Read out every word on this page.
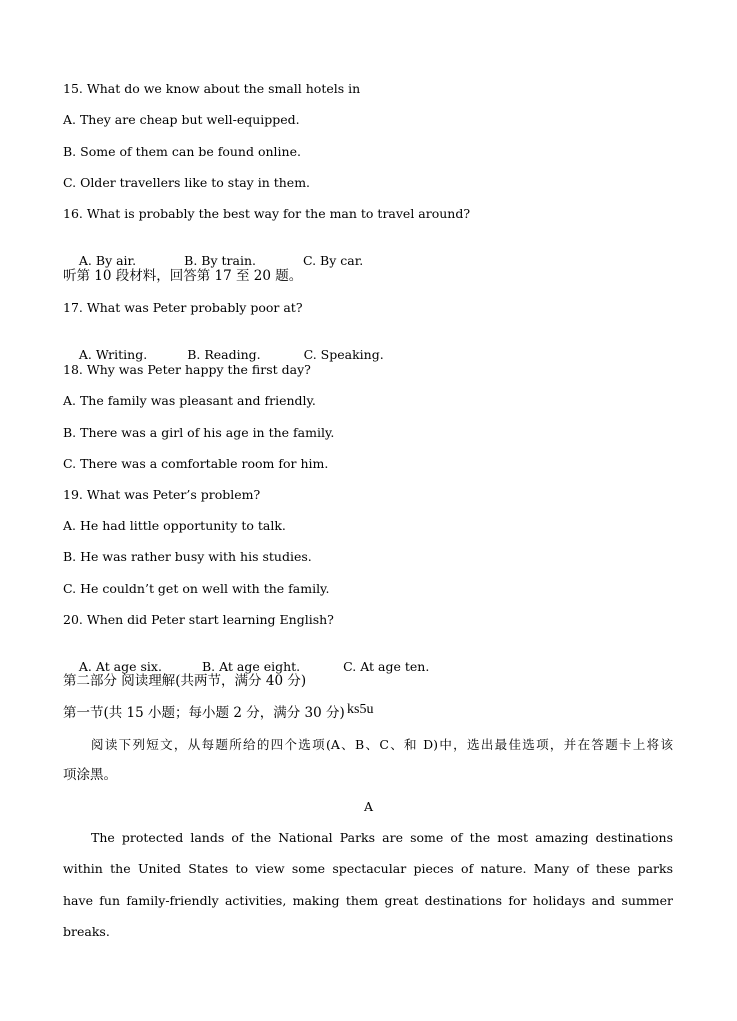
15. What do we know about the small hotels in
A. They are cheap but well-equipped.
B. Some of them can be found online.
C. Older travellers like to stay in them.
16. What is probably the best way for the man to travel around?

A. By air.	B. By train.	C. By car.

听第 10 段材料，回答第 17 至 20 题。
17. What was Peter probably poor at?

A. Writing.	B. Reading.	C. Speaking.

18. Why was Peter happy the first day?
A. The family was pleasant and friendly.
B. There was a girl of his age in the family.
C. There was a comfortable room for him.
19. What was Peter’s problem?
A. He had little opportunity to talk.
B. He was rather busy with his studies.
C. He couldn’t get on well with the family.
20. When did Peter start learning English?

A. At age six.	B. At age eight.	C. At age ten.

第二部分 阅读理解(共两节，满分 40 分)
第一节(共 15 小题；每小题 2 分，满分 30 分) ks5u
阅读下列短文，从每题所给的四个选项(A、B、C、和 D)中，选出最佳选项，并在答题卡上将该
项涂黑。
A
The protected lands of the National Parks are some of the most amazing destinations
within the United States to view some spectacular pieces of nature. Many of these parks
have fun family-friendly activities, making them great destinations for holidays and summer
breaks.
